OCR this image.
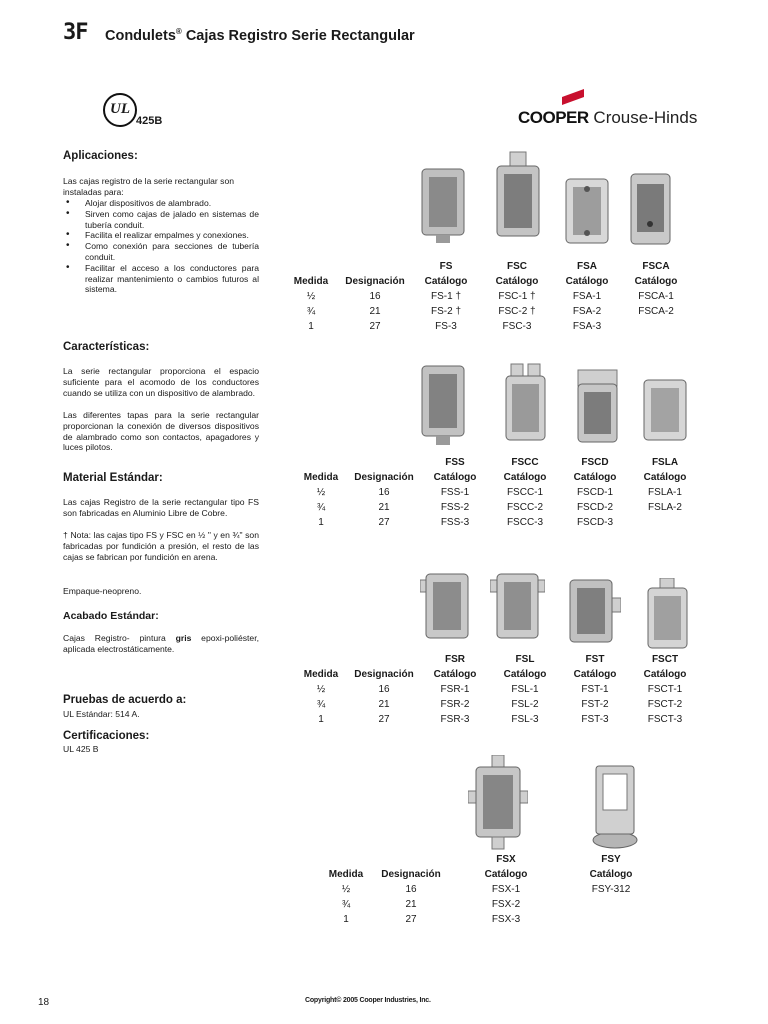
3F Condulets® Cajas Registro Serie Rectangular
UL
425B	COOPER Crouse-Hinds
Aplicaciones:
Las cajas registro de la serie rectangular son instaladas para:
• Alojar dispositivos de alambrado.
• Sirven como cajas de jalado en sistemas de tubería conduit.
• Facilita el realizar empalmes y conexiones.
• Como conexión para secciones de tubería conduit.
• Facilitar el acceso a los conductores para realizar mantenimiento o cambios futuros al sistema.
Características:
La serie rectangular proporciona el espacio suficiente para el acomodo de los conductores cuando se utiliza con un dispositivo de alambrado.
Las diferentes tapas para la serie rectangular proporcionan la conexión de diversos dispositivos de alambrado como son contactos, apagadores y luces pilotos.
Material Estándar:
Las cajas Registro de la serie rectangular tipo FS son fabricadas en Aluminio Libre de Cobre.
† Nota: las cajas tipo FS y FSC en ½ " y en ¾" son fabricadas por fundición a presión, el resto de las cajas se fabrican por fundición en arena.
Empaque-neopreno.
Acabado Estándar:
Cajas Registro- pintura gris epoxi-poliéster, aplicada electrostáticamente.
Pruebas de acuerdo a:
UL Estándar: 514 A.
Certificaciones:
UL 425 B
FS	FSC	FSA	FSCA
Medida Designación Catálogo	Catálogo	Catálogo	Catálogo
½	16	FS-1 †	FSC-1 †	FSA-1	FSCA-1
¾	21	FS-2 †	FSC-2 †	FSA-2	FSCA-2
1	27	FS-3	FSC-3	FSA-3
FSS	FSCC	FSCD	FSLA
Medida Designación Catálogo	Catálogo	Catálogo	Catálogo
½	16	FSS-1	FSCC-1	FSCD-1	FSLA-1
¾	21	FSS-2	FSCC-2	FSCD-2	FSLA-2
1	27	FSS-3	FSCC-3	FSCD-3
FSR	FSL	FST	FSCT
Medida Designación Catálogo	Catálogo	Catálogo	Catálogo
½	16	FSR-1	FSL-1	FST-1	FSCT-1
¾	21	FSR-2	FSL-2	FST-2	FSCT-2
1	27	FSR-3	FSL-3	FST-3	FSCT-3
FSX	FSY
Medida Designación	Catálogo	Catálogo
½	16	FSX-1	FSY-312
¾	21	FSX-2
1	27	FSX-3
18	Copyright© 2005 Cooper Industries, Inc.
